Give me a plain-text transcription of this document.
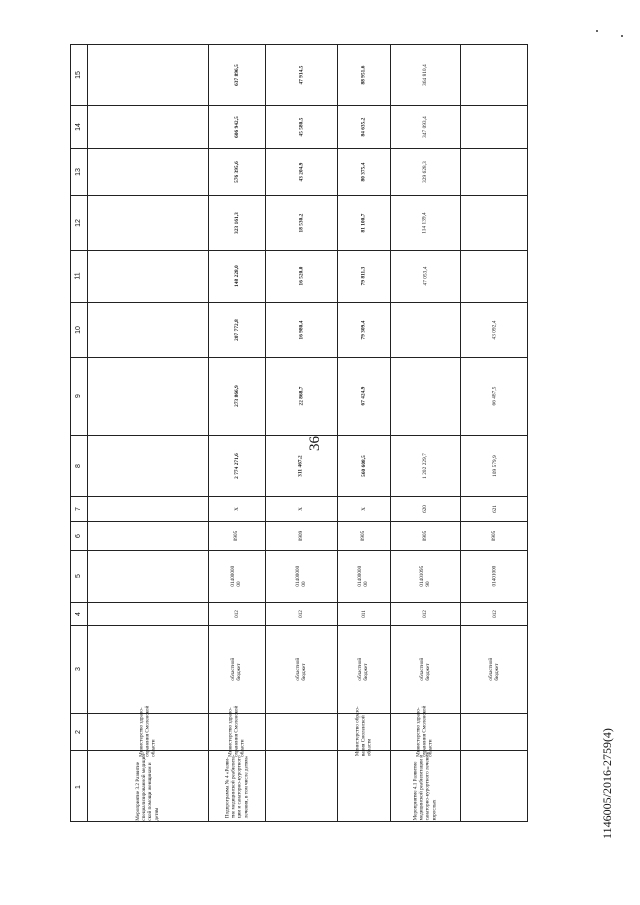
36
1146005/2016-2759(4)
1
2
3
4
5
6
7
8
9
10
11
12
13
14
15
Мероприятие 3.2 Развитие
специализированной медицин-
ской помощи женщинам и
детям
Министерство здраво-
охранения Смоленской
области
Подпрограмма № 4 «Разви-
тие медицинской реабилита-
ции и санаторно-курортного
лечения, в том числе детям»
Министерство здраво-
охранения Смоленской
области
областной
бюджет
012
01400000
00
0905
X
2 774 271,6
273 866,9
207 772,8
148 228,0
323 161,3
576 395,6
606 942,5
637 896,5
областной
бюджет
012
01400000
00
0909
X
311 467,2
22 868,7
16 980,4
16 520,0
18 530,2
43 204,9
45 580,5
47 914,5
Министерство образо-
вания Смоленской
области
областной
бюджет
011
01400000
00
0905
X
560 608,5
67 424,9
79 309,4
79 811,3
81 100,7
80 375,4
84 635,2
88 951,6
Мероприятие 4.1 Развитие
медицинской реабилитации и
санаторно-курортного лечения
взрослых
Министерство здраво-
охранения Смоленской
области
областной
бюджет
012
01401095
90
0905
620
1 202 229,7
47 053,4
114 139,4
329 628,3
347 093,4
364 810,4
областной
бюджет
012
01401000
0905
621
109 579,9
66 487,5
43 092,4
